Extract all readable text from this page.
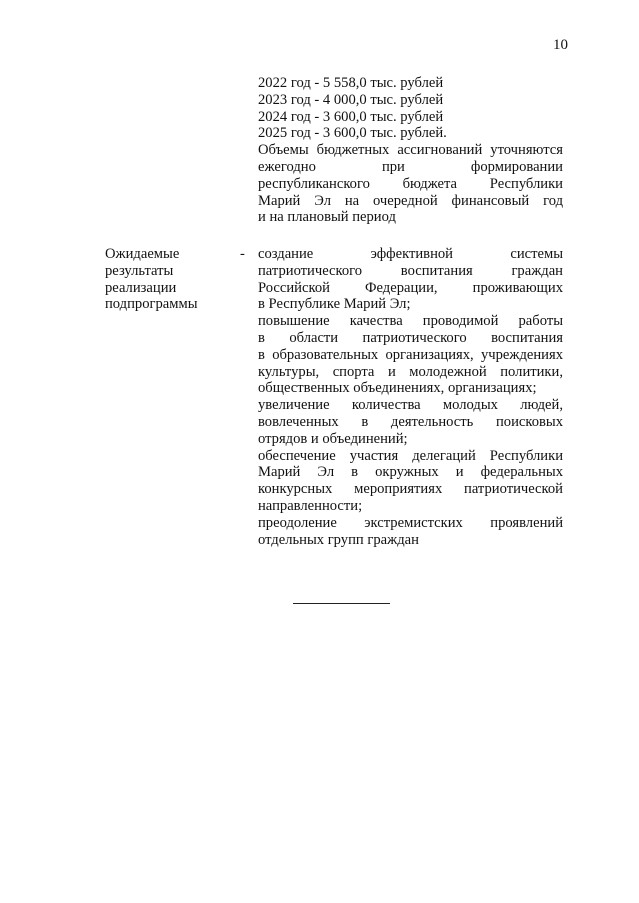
10
2022 год - 5 558,0 тыс. рублей
2023 год - 4 000,0 тыс. рублей
2024 год - 3 600,0 тыс. рублей
2025 год - 3 600,0 тыс. рублей.
Объемы бюджетных ассигнований уточняются
ежегодно при формировании
республиканского бюджета Республики
Марий Эл на очередной финансовый год
и на плановый период
Ожидаемые
результаты
реализации
подпрограммы
- создание эффективной системы
патриотического воспитания граждан
Российской Федерации, проживающих
в Республике Марий Эл;
повышение качества проводимой работы
в области патриотического воспитания
в образовательных организациях, учреждениях
культуры, спорта и молодежной политики,
общественных объединениях, организациях;
увеличение количества молодых людей,
вовлеченных в деятельность поисковых
отрядов и объединений;
обеспечение участия делегаций Республики
Марий Эл в окружных и федеральных
конкурсных мероприятиях патриотической
направленности;
преодоление экстремистских проявлений
отдельных групп граждан
